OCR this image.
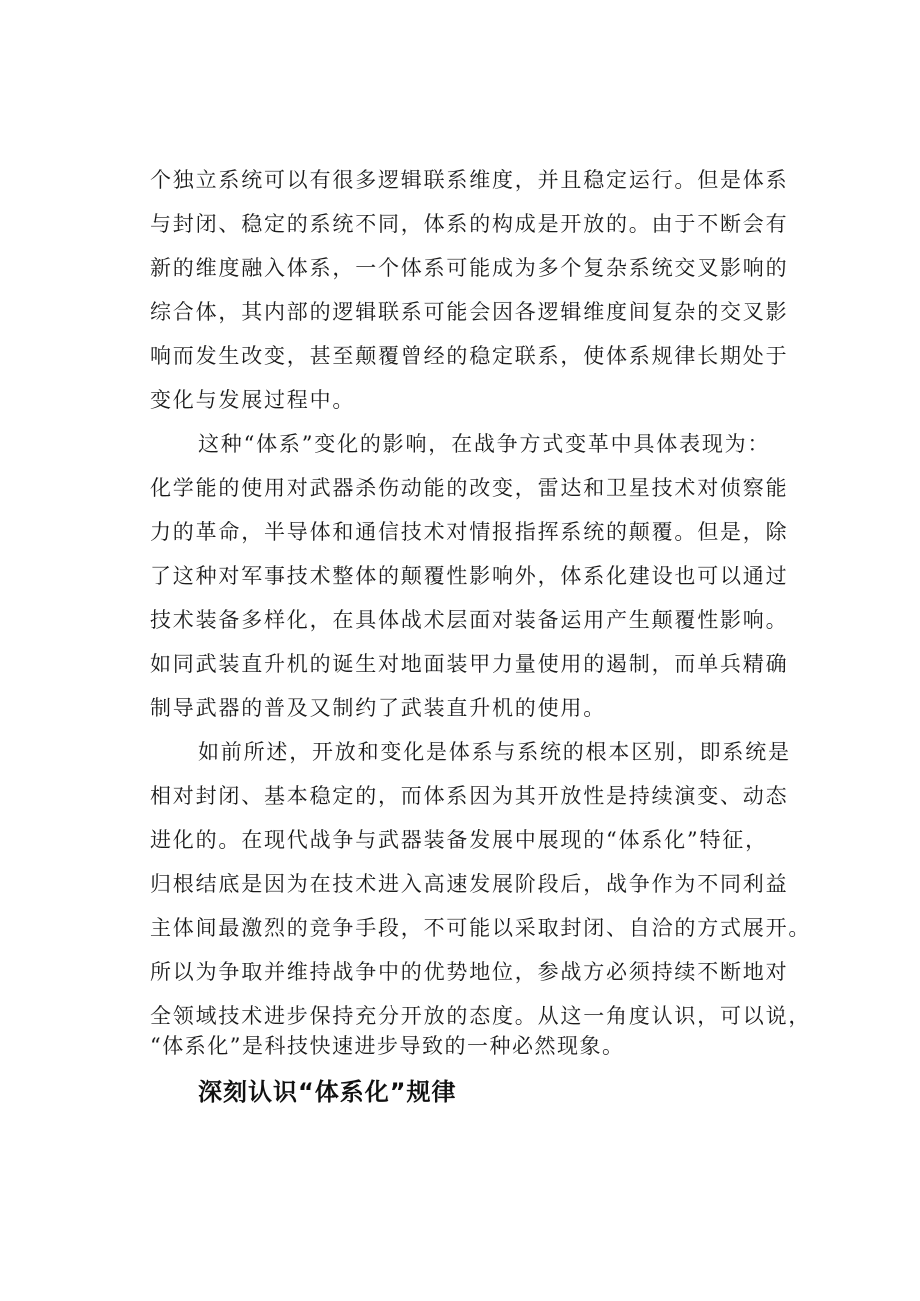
个独立系统可以有很多逻辑联系维度，并且稳定运行。但是体系
与封闭、稳定的系统不同，体系的构成是开放的。由于不断会有
新的维度融入体系，一个体系可能成为多个复杂系统交叉影响的
综合体，其内部的逻辑联系可能会因各逻辑维度间复杂的交叉影
响而发生改变，甚至颠覆曾经的稳定联系，使体系规律长期处于
变化与发展过程中。
这种“体系”变化的影响，在战争方式变革中具体表现为：
化学能的使用对武器杀伤动能的改变，雷达和卫星技术对侦察能
力的革命，半导体和通信技术对情报指挥系统的颠覆。但是，除
了这种对军事技术整体的颠覆性影响外，体系化建设也可以通过
技术装备多样化，在具体战术层面对装备运用产生颠覆性影响。
如同武装直升机的诞生对地面装甲力量使用的遏制，而单兵精确
制导武器的普及又制约了武装直升机的使用。
如前所述，开放和变化是体系与系统的根本区别，即系统是
相对封闭、基本稳定的，而体系因为其开放性是持续演变、动态
进化的。在现代战争与武器装备发展中展现的“体系化”特征，
归根结底是因为在技术进入高速发展阶段后，战争作为不同利益
主体间最激烈的竞争手段，不可能以采取封闭、自洽的方式展开。
所以为争取并维持战争中的优势地位，参战方必须持续不断地对
全领域技术进步保持充分开放的态度。从这一角度认识，可以说，
“体系化”是科技快速进步导致的一种必然现象。
深刻认识“体系化”规律
